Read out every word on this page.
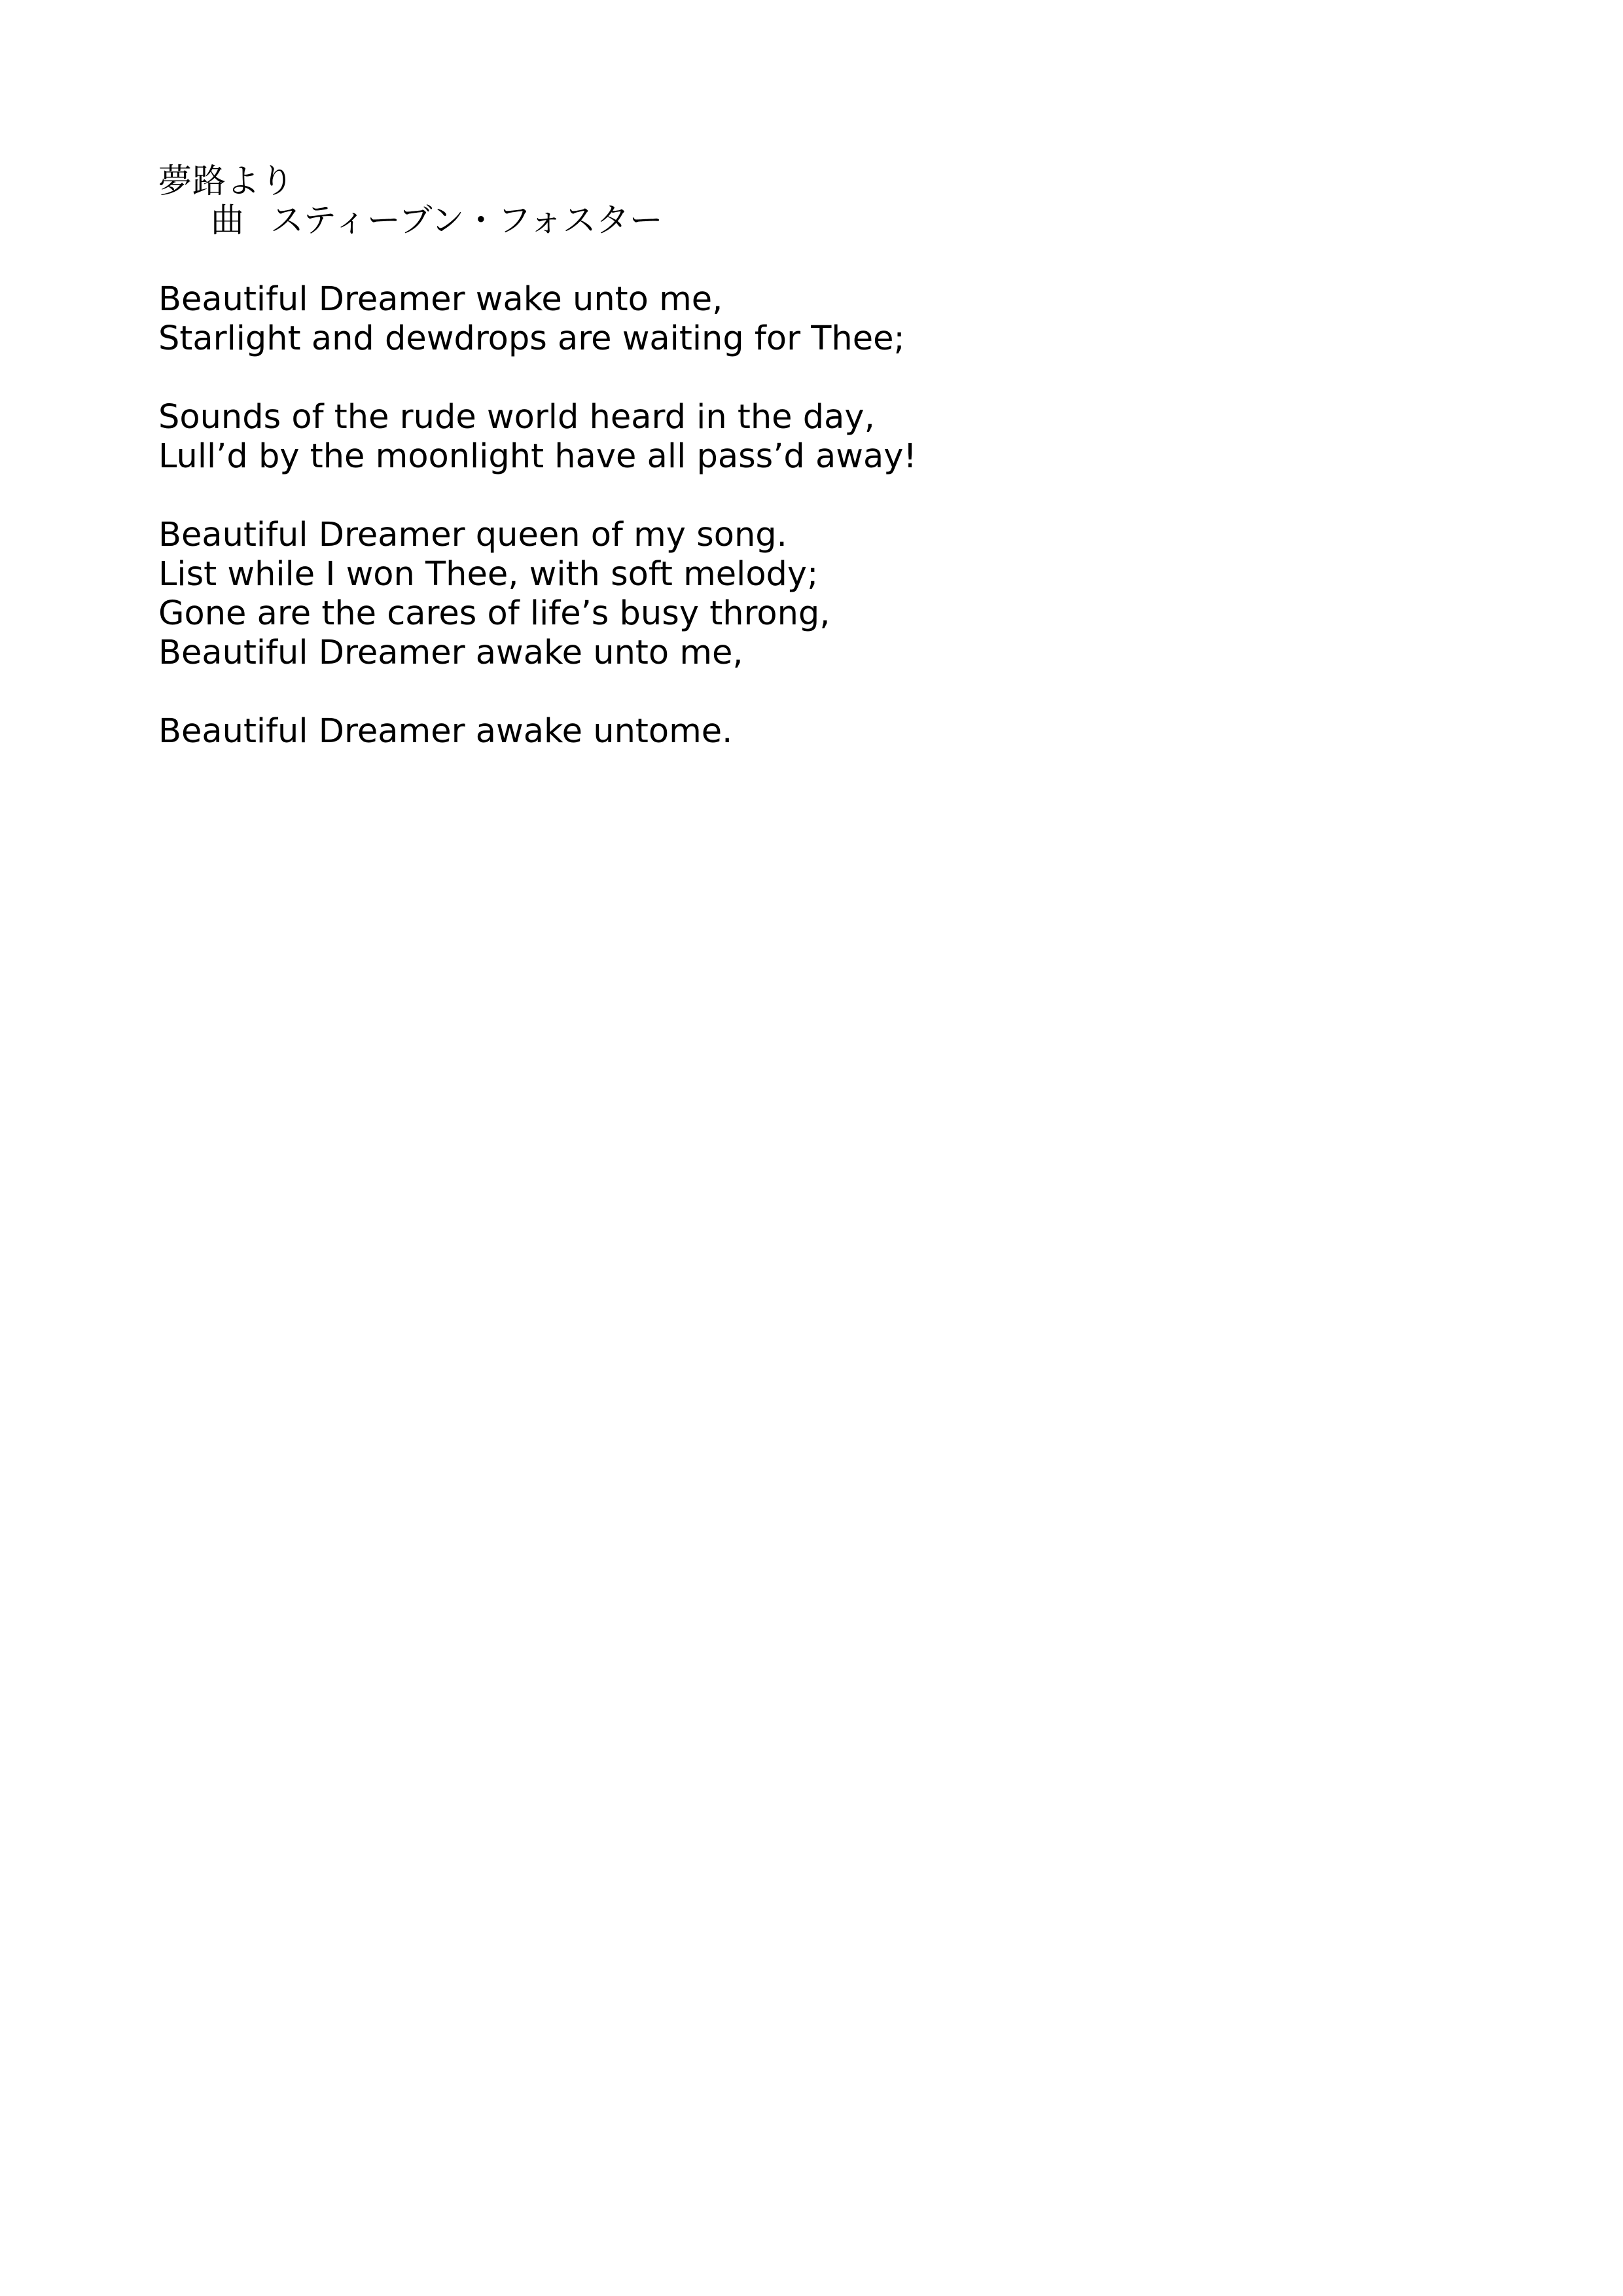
夢路より
曲 スティーブン・フォスター
Beautiful Dreamer wake unto me,
Starlight and dewdrops are waiting for Thee;
Sounds of the rude world heard in the day,
Lull’d by the moonlight have all pass’d away!
Beautiful Dreamer queen of my song.
List while I won Thee, with soft melody;
Gone are the cares of life’s busy throng,
Beautiful Dreamer awake unto me,
Beautiful Dreamer awake untome.
